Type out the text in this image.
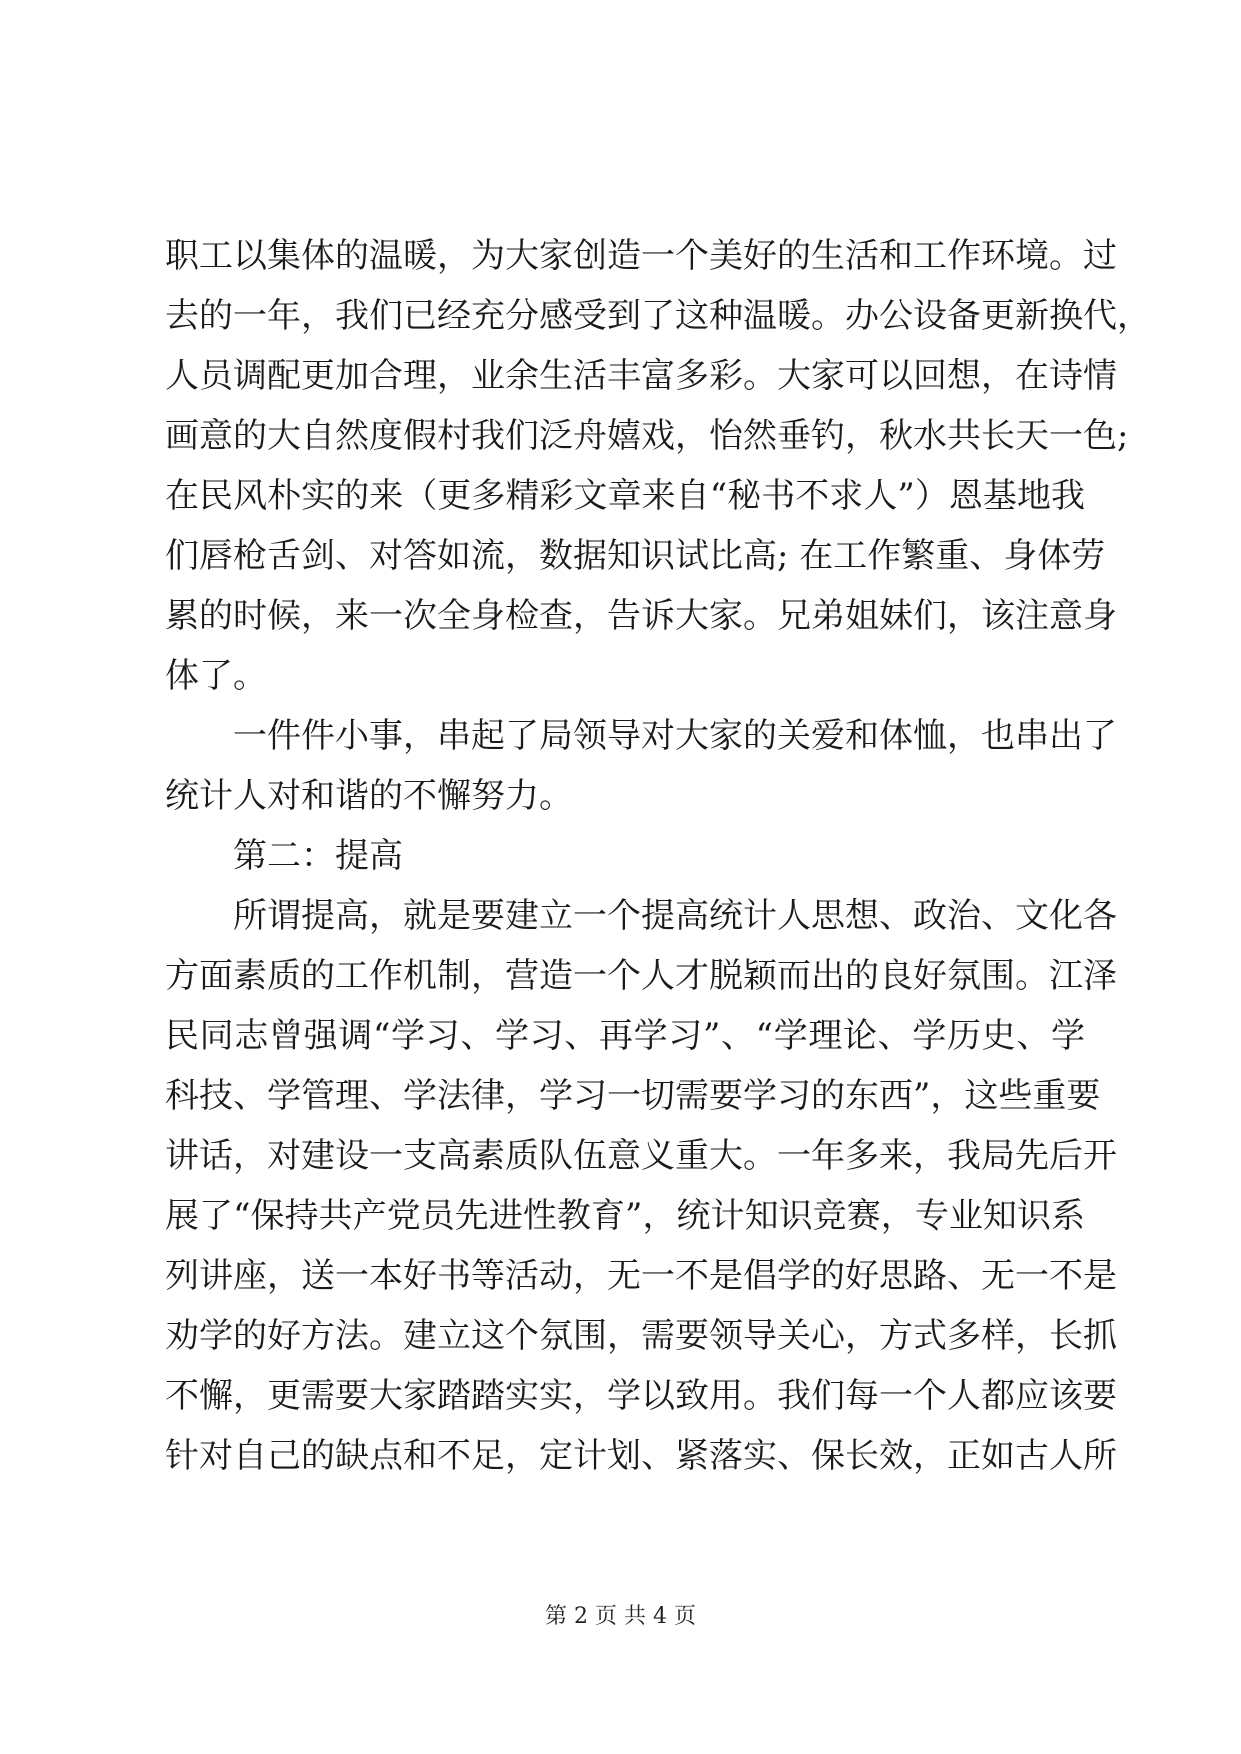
职工以集体的温暖，为大家创造一个美好的生活和工作环境。过
去的一年，我们已经充分感受到了这种温暖。办公设备更新换代，
人员调配更加合理，业余生活丰富多彩。大家可以回想，在诗情
画意的大自然度假村我们泛舟嬉戏，怡然垂钓，秋水共长天一色;
在民风朴实的来（更多精彩文章来自“秘书不求人”）恩基地我
们唇枪舌剑、对答如流，数据知识试比高; 在工作繁重、身体劳
累的时候，来一次全身检查，告诉大家。兄弟姐妹们，该注意身
体了。
一件件小事，串起了局领导对大家的关爱和体恤，也串出了
统计人对和谐的不懈努力。
第二：提高
所谓提高，就是要建立一个提高统计人思想、政治、文化各
方面素质的工作机制，营造一个人才脱颖而出的良好氛围。江泽
民同志曾强调“学习、学习、再学习”、“学理论、学历史、学
科技、学管理、学法律，学习一切需要学习的东西”，这些重要
讲话，对建设一支高素质队伍意义重大。一年多来，我局先后开
展了“保持共产党员先进性教育”，统计知识竞赛，专业知识系
列讲座，送一本好书等活动，无一不是倡学的好思路、无一不是
劝学的好方法。建立这个氛围，需要领导关心，方式多样，长抓
不懈，更需要大家踏踏实实，学以致用。我们每一个人都应该要
针对自己的缺点和不足，定计划、紧落实、保长效，正如古人所
第 2 页 共 4 页
